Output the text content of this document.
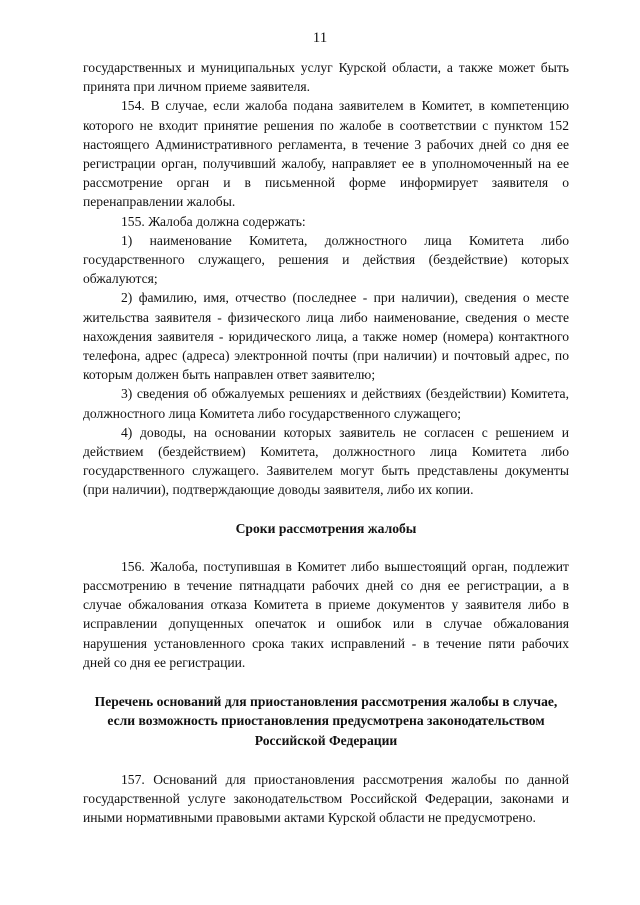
11

государственных и муниципальных услуг Курской области, а также может быть принята при личном приеме заявителя.

154. В случае, если жалоба подана заявителем в Комитет, в компетенцию которого не входит принятие решения по жалобе в соответствии с пунктом 152 настоящего Административного регламента, в течение 3 рабочих дней со дня ее регистрации орган, получивший жалобу, направляет ее в уполномоченный на ее рассмотрение орган и в письменной форме информирует заявителя о перенаправлении жалобы.

155. Жалоба должна содержать:

1) наименование Комитета, должностного лица Комитета либо государственного служащего, решения и действия (бездействие) которых обжалуются;

2) фамилию, имя, отчество (последнее - при наличии), сведения о месте жительства заявителя - физического лица либо наименование, сведения о месте нахождения заявителя - юридического лица, а также номер (номера) контактного телефона, адрес (адреса) электронной почты (при наличии) и почтовый адрес, по которым должен быть направлен ответ заявителю;

3) сведения об обжалуемых решениях и действиях (бездействии) Комитета, должностного лица Комитета либо государственного служащего;

4) доводы, на основании которых заявитель не согласен с решением и действием (бездействием) Комитета, должностного лица Комитета либо государственного служащего. Заявителем могут быть представлены документы (при наличии), подтверждающие доводы заявителя, либо их копии.

Сроки рассмотрения жалобы

156. Жалоба, поступившая в Комитет либо вышестоящий орган, подлежит рассмотрению в течение пятнадцати рабочих дней со дня ее регистрации, а в случае обжалования отказа Комитета в приеме документов у заявителя либо в исправлении допущенных опечаток и ошибок или в случае обжалования нарушения установленного срока таких исправлений - в течение пяти рабочих дней со дня ее регистрации.

Перечень оснований для приостановления рассмотрения жалобы в случае, если возможность приостановления предусмотрена законодательством Российской Федерации

157. Оснований для приостановления рассмотрения жалобы по данной государственной услуге законодательством Российской Федерации, законами и иными нормативными правовыми актами Курской области не предусмотрено.
